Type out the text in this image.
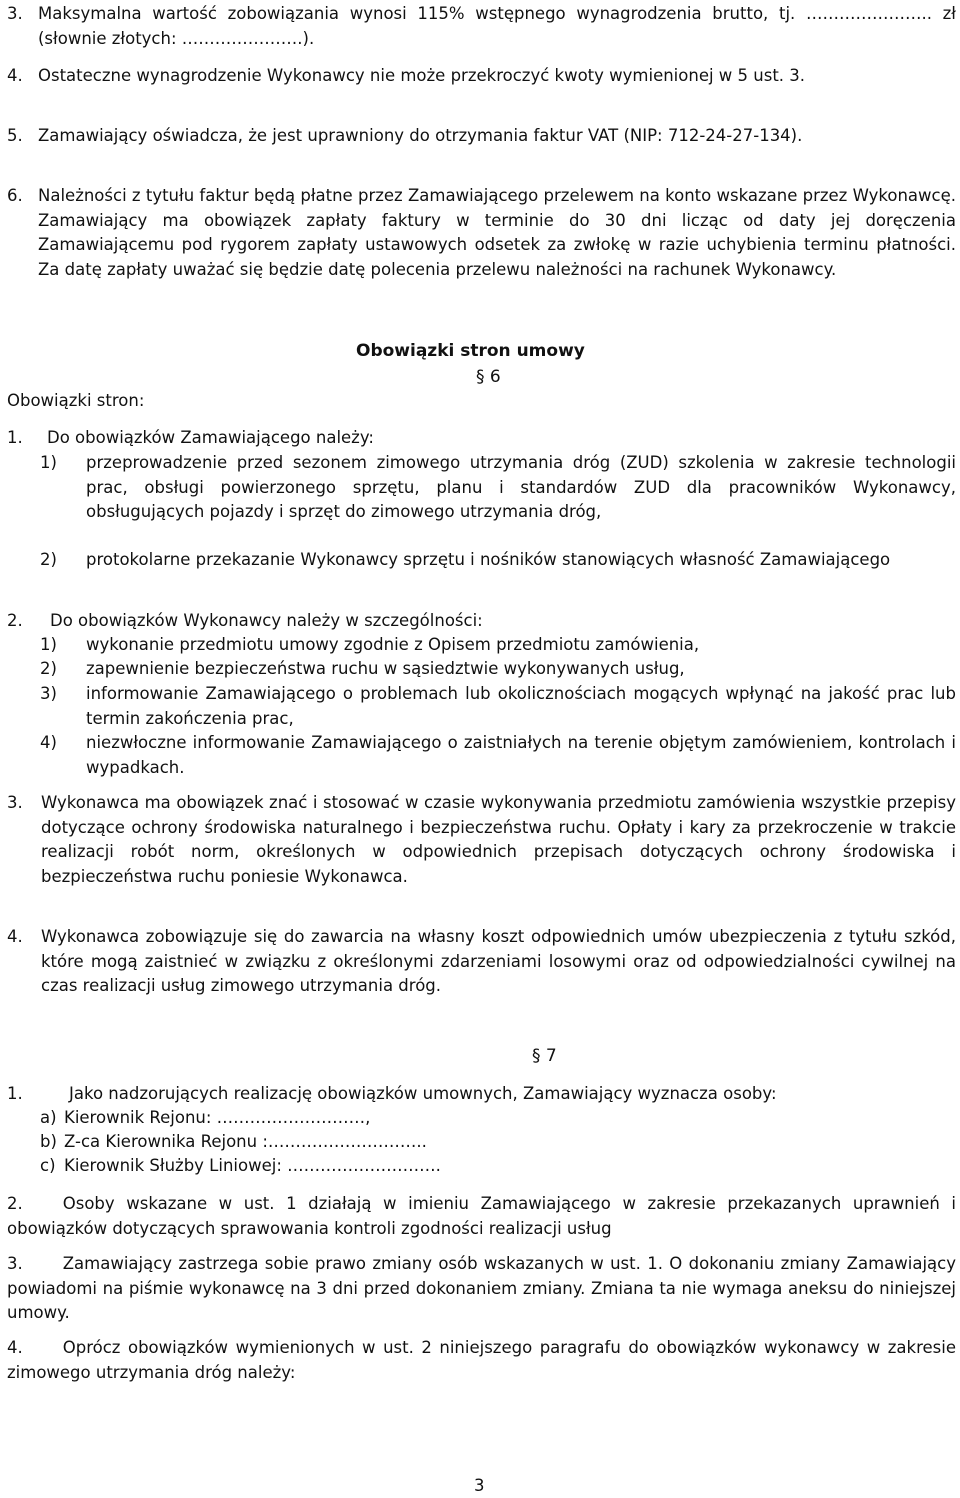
3. Maksymalna wartość zobowiązania wynosi 115% wstępnego wynagrodzenia brutto, tj. ………………….. zł (słownie złotych: ………………….).
4. Ostateczne wynagrodzenie Wykonawcy nie może przekroczyć kwoty wymienionej w 5 ust. 3.
5. Zamawiający oświadcza, że jest uprawniony do otrzymania faktur VAT (NIP: 712-24-27-134).
6. Należności z tytułu faktur będą płatne przez Zamawiającego przelewem na konto wskazane przez Wykonawcę. Zamawiający ma obowiązek zapłaty faktury w terminie do 30 dni licząc od daty jej doręczenia Zamawiającemu pod rygorem zapłaty ustawowych odsetek za zwłokę w razie uchybienia terminu płatności. Za datę zapłaty uważać się będzie datę polecenia przelewu należności na rachunek Wykonawcy.
Obowiązki stron umowy
§ 6
Obowiązki stron:
1.	Do obowiązków Zamawiającego należy:
1)	przeprowadzenie przed sezonem zimowego utrzymania dróg (ZUD) szkolenia w zakresie technologii prac, obsługi powierzonego sprzętu, planu i standardów ZUD dla pracowników Wykonawcy, obsługujących pojazdy i sprzęt do zimowego utrzymania dróg,
2)	protokolarne przekazanie Wykonawcy sprzętu i nośników stanowiących własność Zamawiającego
2.	Do obowiązków Wykonawcy należy w szczególności:
1)	wykonanie przedmiotu umowy zgodnie z Opisem przedmiotu zamówienia,
2)	zapewnienie bezpieczeństwa ruchu w sąsiedztwie wykonywanych usług,
3)	informowanie Zamawiającego o problemach lub okolicznościach mogących wpłynąć na jakość prac lub termin zakończenia prac,
4)	niezwłoczne informowanie Zamawiającego o zaistniałych na terenie objętym zamówieniem, kontrolach i wypadkach.
3.	Wykonawca ma obowiązek znać i stosować w czasie wykonywania przedmiotu zamówienia wszystkie przepisy dotyczące ochrony środowiska naturalnego i bezpieczeństwa ruchu. Opłaty i kary za przekroczenie w trakcie realizacji robót norm, określonych w odpowiednich przepisach dotyczących ochrony środowiska i bezpieczeństwa ruchu poniesie Wykonawca.
4.	Wykonawca zobowiązuje się do zawarcia na własny koszt odpowiednich umów ubezpieczenia z tytułu szkód, które mogą zaistnieć w związku z określonymi zdarzeniami losowymi oraz od odpowiedzialności cywilnej na czas realizacji usług zimowego utrzymania dróg.
§ 7
1.	Jako nadzorujących realizację obowiązków umownych, Zamawiający wyznacza osoby:
a) Kierownik Rejonu: ………………………,
b) Z-ca Kierownika Rejonu :………………………..
c) Kierownik Służby Liniowej: ……………………….
2. Osoby wskazane w ust. 1 działają w imieniu Zamawiającego w zakresie przekazanych uprawnień i obowiązków dotyczących sprawowania kontroli zgodności realizacji usług
3. Zamawiający zastrzega sobie prawo zmiany osób wskazanych w ust. 1. O dokonaniu zmiany Zamawiający powiadomi na piśmie wykonawcę na 3 dni przed dokonaniem zmiany. Zmiana ta nie wymaga aneksu do niniejszej umowy.
4. Oprócz obowiązków wymienionych w ust. 2 niniejszego paragrafu do obowiązków wykonawcy w zakresie zimowego utrzymania dróg należy:
3
